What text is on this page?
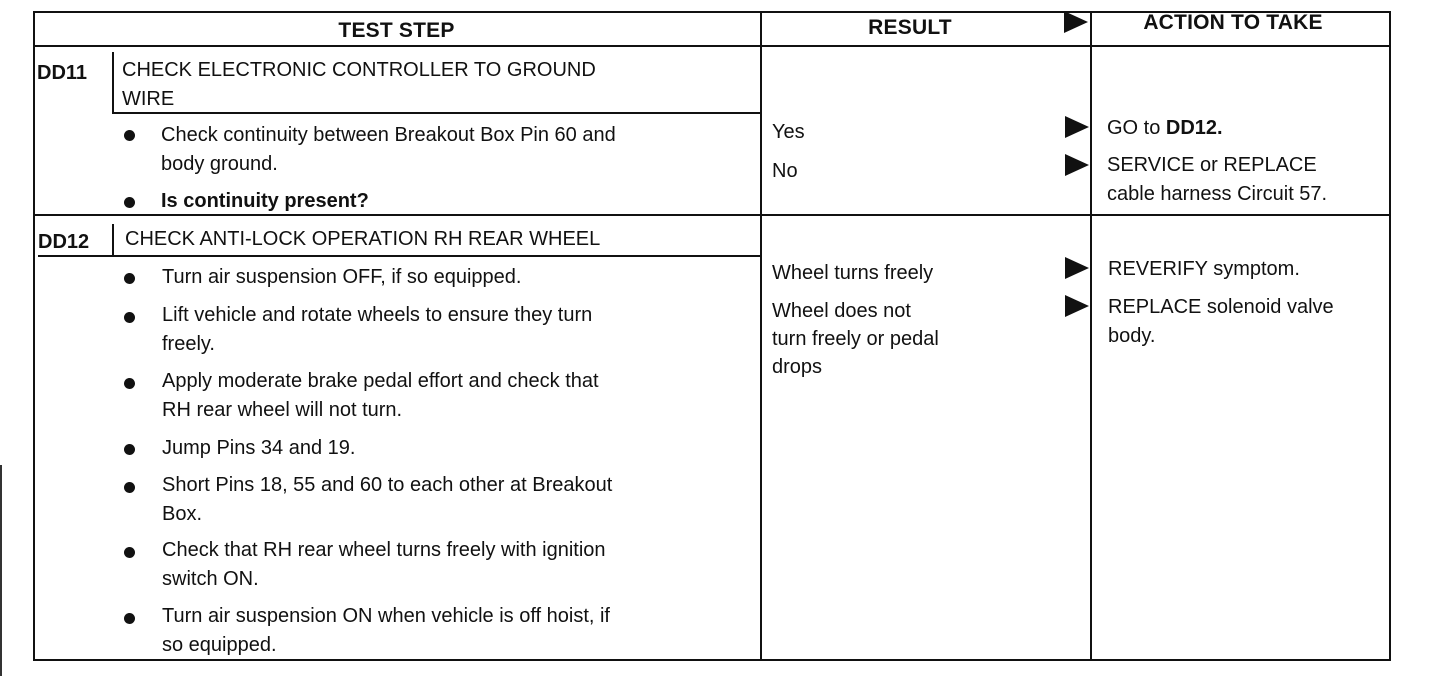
TEST STEP	RESULT	ACTION TO TAKE
DD11 CHECK ELECTRONIC CONTROLLER TO GROUND
WIRE
Check continuity between Breakout Box Pin 60 and
body ground.
Is continuity present?
Yes
No
GO to DD12.
SERVICE or REPLACE
cable harness Circuit 57.
DD12 CHECK ANTI-LOCK OPERATION RH REAR WHEEL
Turn air suspension OFF, if so equipped.
Lift vehicle and rotate wheels to ensure they turn
freely.
Apply moderate brake pedal effort and check that
RH rear wheel will not turn.
Jump Pins 34 and 19.
Short Pins 18, 55 and 60 to each other at Breakout
Box.
Check that RH rear wheel turns freely with ignition
switch ON.
Turn air suspension ON when vehicle is off hoist, if
so equipped.
Wheel turns freely
Wheel does not
turn freely or pedal
drops
REVERIFY symptom.
REPLACE solenoid valve
body.
